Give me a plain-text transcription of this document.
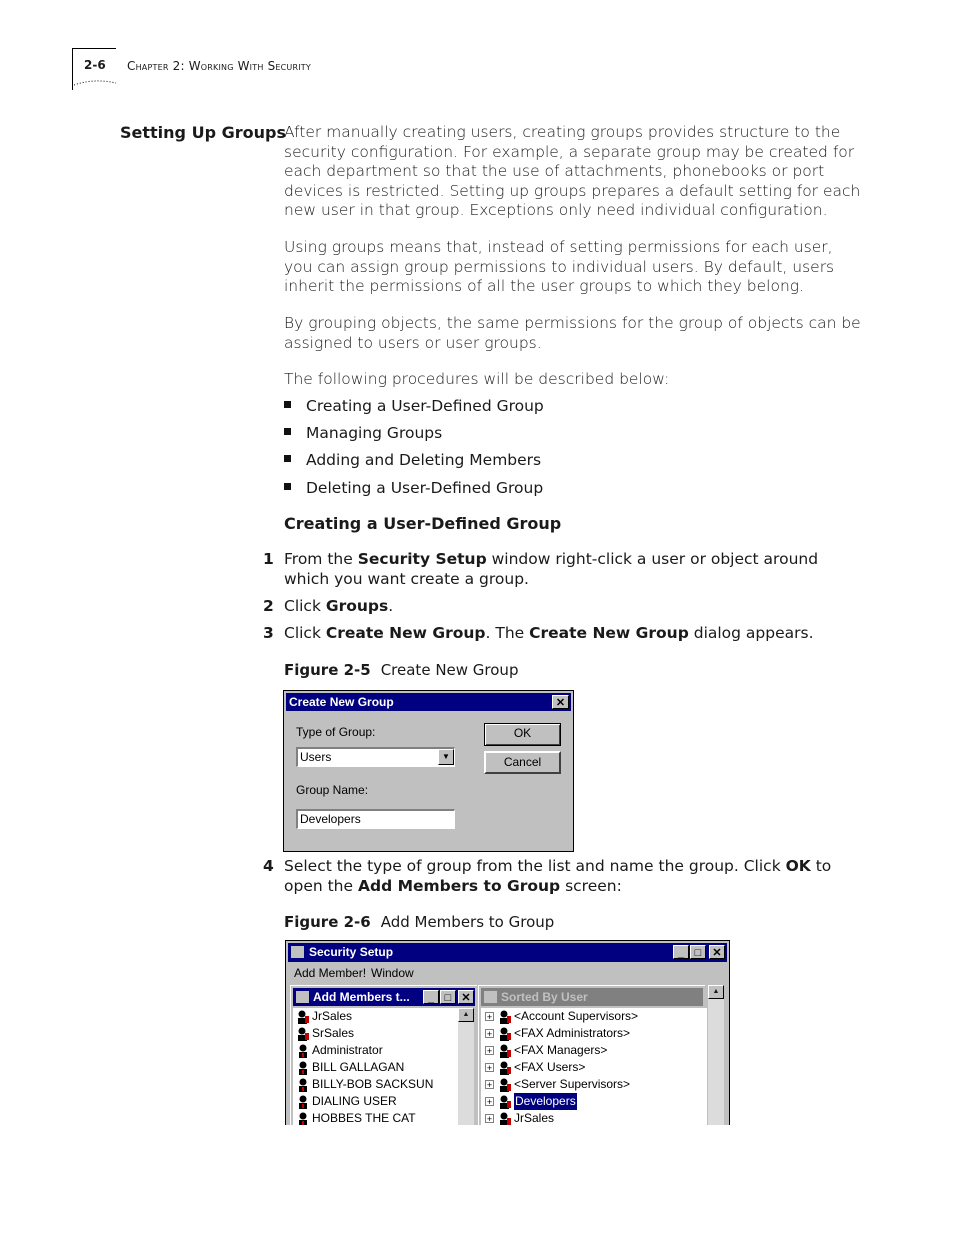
2-6 Chapter 2: Working With Security
Setting Up Groups
After manually creating users, creating groups provides structure to the security configuration. For example, a separate group may be created for each department so that the use of attachments, phonebooks or port devices is restricted. Setting up groups prepares a default setting for each new user in that group. Exceptions only need individual configuration.
Using groups means that, instead of setting permissions for each user, you can assign group permissions to individual users. By default, users inherit the permissions of all the user groups to which they belong.
By grouping objects, the same permissions for the group of objects can be assigned to users or user groups.
The following procedures will be described below:
Creating a User-Defined Group
Managing Groups
Adding and Deleting Members
Deleting a User-Defined Group
Creating a User-Defined Group
1 From the Security Setup window right-click a user or object around which you want create a group.
2 Click Groups.
3 Click Create New Group. The Create New Group dialog appears.
Figure 2-5 Create New Group
Create New Group	✕
Type of Group:
Users	▼
Group Name:
Developers
OK
Cancel
4 Select the type of group from the list and name the group. Click OK to open the Add Members to Group screen:
Figure 2-6 Add Members to Group
Security Setup	_ □	✕
Add Member! Window
Add Members t...	_ □ ✕
JrSales
SrSales
Administrator
BILL GALLAGAN
BILLY-BOB SACKSUN
DIALING USER
HOBBES THE CAT
▲
Sorted By User
+ <Account Supervisors>
+ <FAX Administrators>
+ <FAX Managers>
+ <FAX Users>
+ <Server Supervisors>
+ Developers
+ JrSales
▲
